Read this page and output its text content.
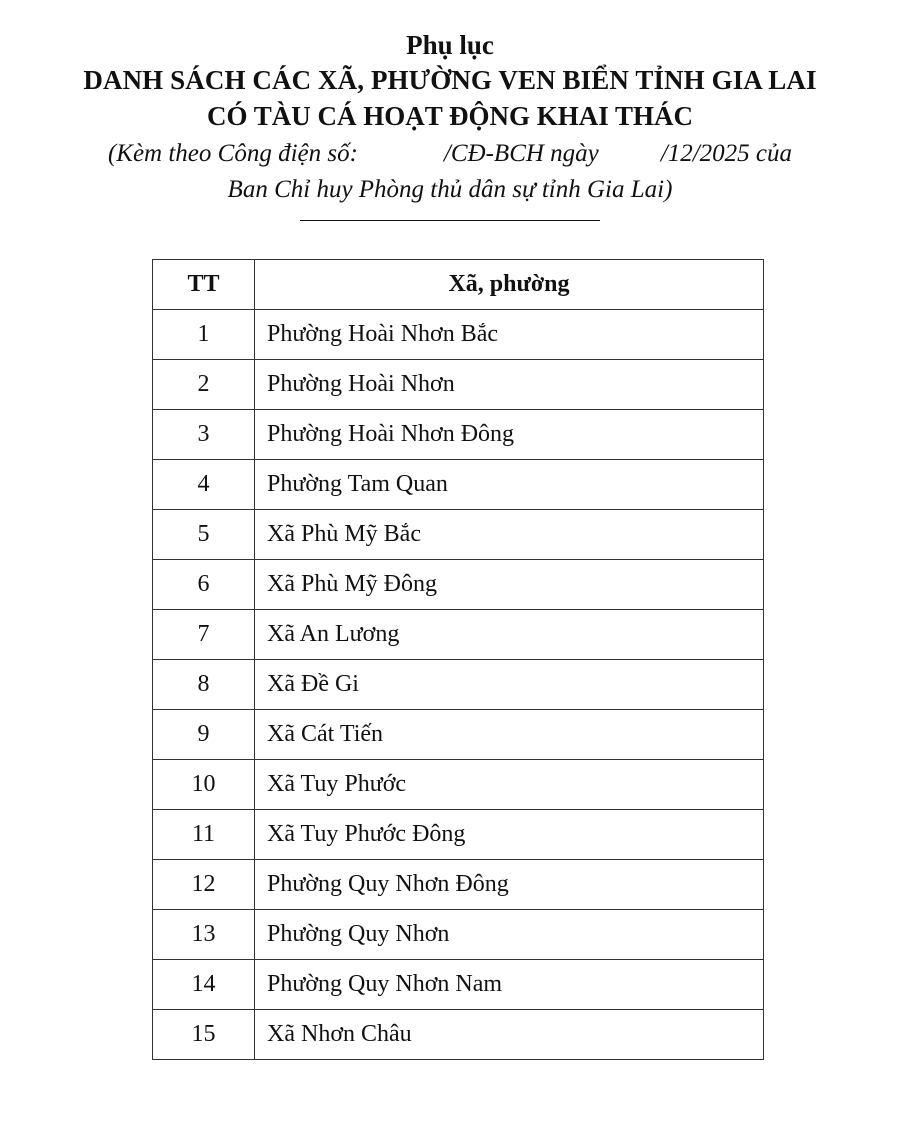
Phụ lục
DANH SÁCH CÁC XÃ, PHƯỜNG VEN BIỂN TỈNH GIA LAI
CÓ TÀU CÁ HOẠT ĐỘNG KHAI THÁC
(Kèm theo Công điện số:	/CĐ-BCH ngày /12/2025 của
Ban Chỉ huy Phòng thủ dân sự tỉnh Gia Lai)
TT	Xã, phường
1	Phường Hoài Nhơn Bắc
2	Phường Hoài Nhơn
3	Phường Hoài Nhơn Đông
4	Phường Tam Quan
5	Xã Phù Mỹ Bắc
6	Xã Phù Mỹ Đông
7	Xã An Lương
8	Xã Đề Gi
9	Xã Cát Tiến
10	Xã Tuy Phước
11	Xã Tuy Phước Đông
12	Phường Quy Nhơn Đông
13	Phường Quy Nhơn
14	Phường Quy Nhơn Nam
15	Xã Nhơn Châu
